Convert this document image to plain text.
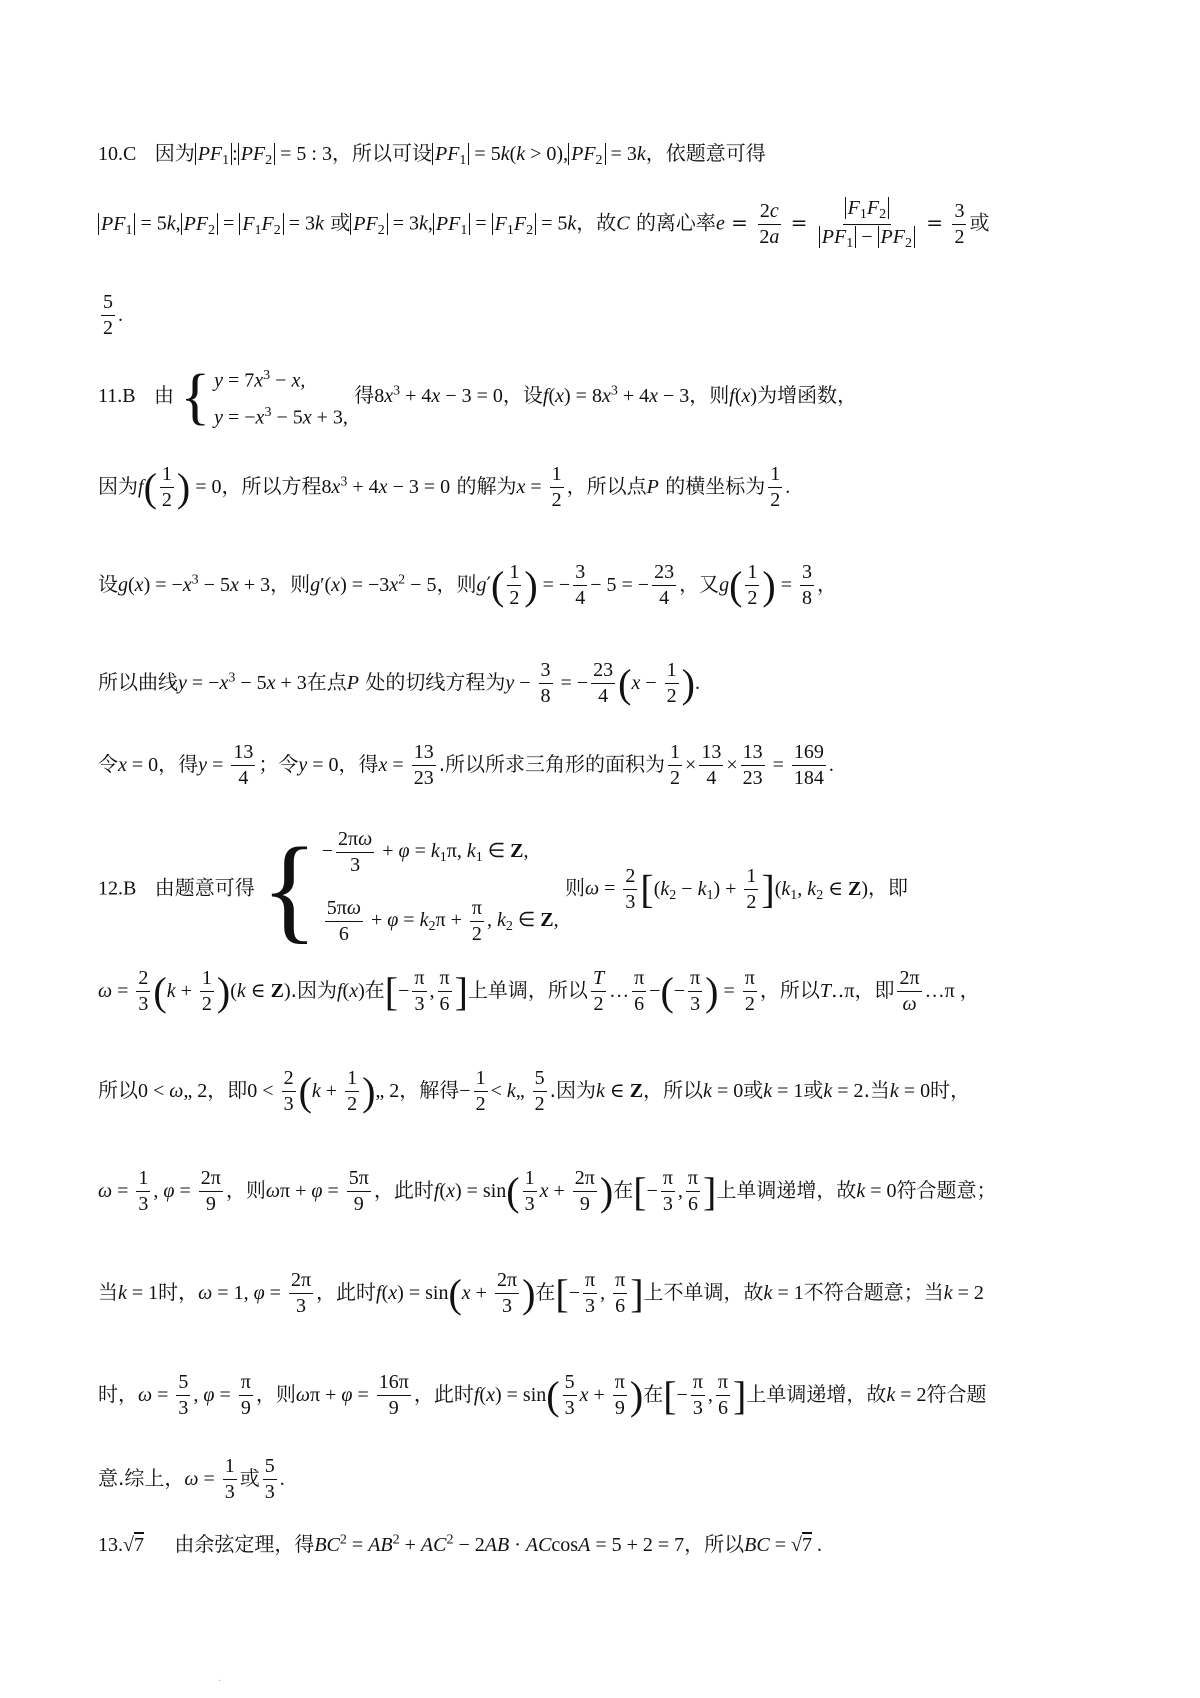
10.C 因为 $PF_1$ : $PF_2 = 5$ : 3，所以可设 $PF_1 = 5k(k > 0)$, $PF_2 = 3k$，依题意可得
$PF_1 = 5k$, $PF_2 = F_1F_2 = 3k$ 或 $PF_2 = 3k$, $PF_1 = F_1F_2 = 5k$，故C 的离心率$e = \frac{2c}{2a} = \frac{F_1F_2}{PF_1 - PF_2} = \frac{3}{2}$ 或
$\frac{5}{2}$ .
11.B 由 { $y = 7x^3 - x$,
$y = -x^3 - 5x + 3$,
得$8x^3 + 4x - 3 = 0$，设$f(x) = 8x^3 + 4x - 3$，则f(x)为增函数，
因为$f( \frac{1}{2}$ ) = 0，所以方程$8x^3 + 4x - 3 = 0$ 的解为$x = \frac{1}{2}$ ，所以点P 的横坐标为 $\frac{1}{2}$ .
设$g(x) = -x^3 - 5x + 3$，则$g'(x) = -3x^2 - 5$，则$g'( \frac{1}{2}$ ) = − $\frac{3}{4} - 5$ = − $\frac{23}{4}$ ，又$g( \frac{1}{2}$ ) = $\frac{3}{8}$ ，
所以曲线$y = -x^3 - 5x + 3$在点P 处的切线方程为$y - \frac{3}{8}$ = − $\frac{23}{4} (x - \frac{1}{2}$ ).
令x = 0，得$y = \frac{13}{4}$ ；令y = 0，得$x = \frac{13}{23}$ .所以所求三角形的面积为 $\frac{1}{2} \times \frac{13}{4} \times \frac{13}{23} = \frac{169}{184}$ .
12.B 由题意可得 { − $\frac{2\pi\omega}{3} + \varphi = k_1\pi$, $k_1$ ∈ Z,
$\frac{5\pi\omega}{6} + \varphi = k_2\pi + \frac{\pi}{2}$ , $k_2$ ∈ Z,
则$\omega = \frac{2}{3} [(k_2 - k_1) + \frac{1}{2} ](k_1$, $k_2$ ∈ Z)，即
$\omega = \frac{2}{3} (k + \frac{1}{2} )(k$ ∈ Z).因为f(x)在[− $\frac{\pi}{3}$ , $\frac{\pi}{6}$ ]上单调，所以 $\frac{T}{2}$ … $\frac{\pi}{6}$ −(− $\frac{\pi}{3}$ ) = $\frac{\pi}{2}$ ，所以T‥π，即 $\frac{2\pi}{\omega}$ …π ，
所以0 < ω„ 2，即$0 < \frac{2}{3} (k + \frac{1}{2}$ )„ 2，解得− $\frac{1}{2}$ < k„ $\frac{5}{2}$ .因为k ∈ Z，所以k = 0或k = 1或k = 2.当k = 0时，
$\omega = \frac{1}{3}$ , $\varphi = \frac{2\pi}{9}$ ，则$\omega\pi + \varphi = \frac{5\pi}{9}$ ，此时$f(x) = \sin( \frac{1}{3}$ $x + \frac{2\pi}{9}$ )在[− $\frac{\pi}{3}$ , $\frac{\pi}{6}$ ]上单调递增，故k = 0符合题意；
当k = 1时，ω = 1, $\varphi = \frac{2\pi}{3}$ ，此时$f(x) = \sin(x + \frac{2\pi}{3}$ )在[− $\frac{\pi}{3}$ , $\frac{\pi}{6}$ ]上不单调，故k = 1不符合题意；当k = 2
时，$\omega = \frac{5}{3}$ , $\varphi = \frac{\pi}{9}$ ，则$\omega\pi + \varphi = \frac{16\pi}{9}$ ，此时$f(x) = \sin( \frac{5}{3}$ $x + \frac{\pi}{9}$ )在[− $\frac{\pi}{3}$ , $\frac{\pi}{6}$ ]上单调递增，故k = 2符合题
意.综上，$\omega = \frac{1}{3}$ 或 $\frac{5}{3}$ .
13.√7 由余弦定理，得$BC^2 = AB^2 + AC^2 - 2AB \cdot ACcosA = 5 + 2 = 7$，所以BC = √7 .
·
